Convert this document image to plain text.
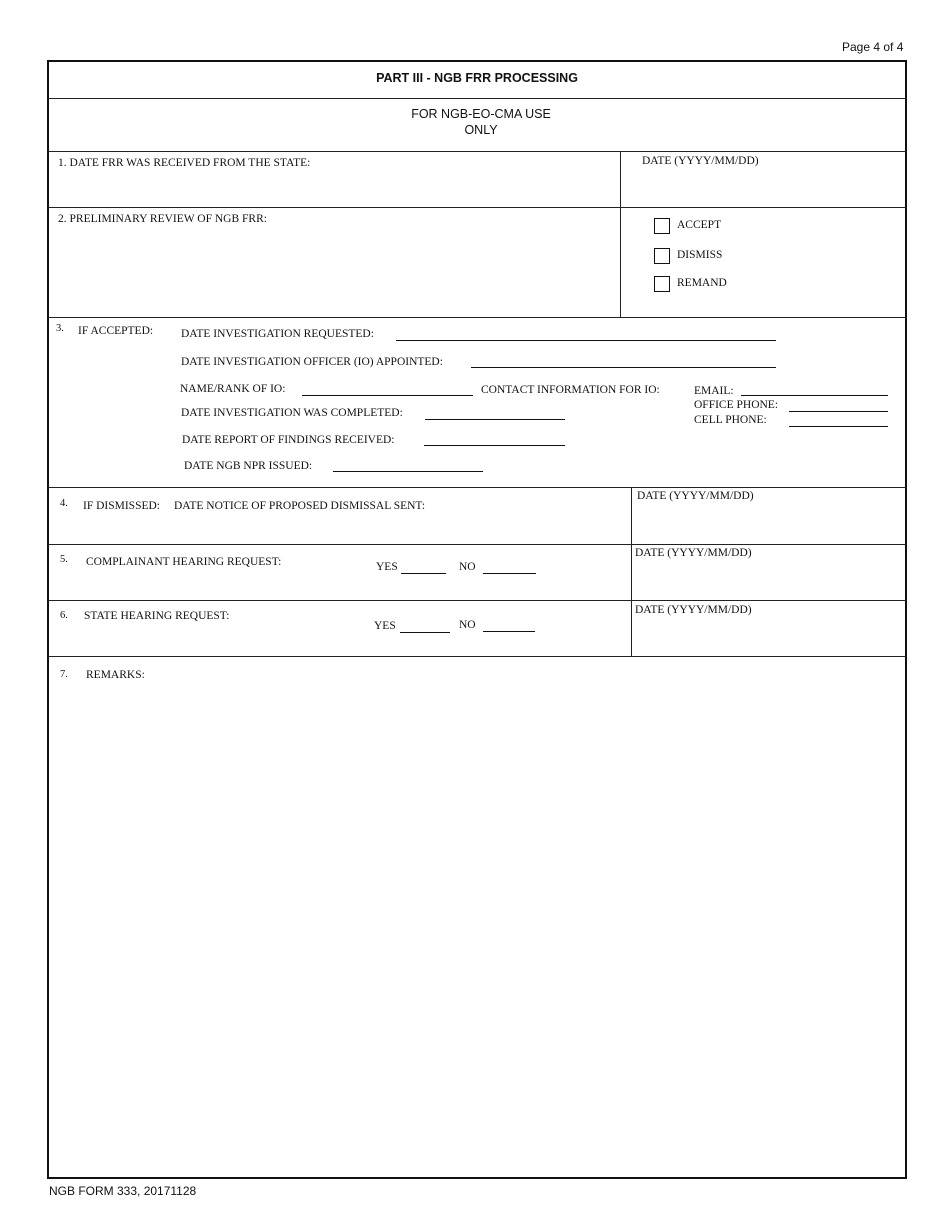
Page 4 of 4
PART III - NGB FRR PROCESSING
FOR NGB-EO-CMA USE
ONLY
1. DATE FRR WAS RECEIVED FROM THE STATE:	DATE (YYYY/MM/DD)
2. PRELIMINARY REVIEW OF NGB FRR:	ACCEPT
DISMISS
REMAND
3. IF ACCEPTED: DATE INVESTIGATION REQUESTED:
DATE INVESTIGATION OFFICER (IO) APPOINTED:
NAME/RANK OF IO:	CONTACT INFORMATION FOR IO:	EMAIL:
OFFICE PHONE:
CELL PHONE:
DATE INVESTIGATION WAS COMPLETED:
DATE REPORT OF FINDINGS RECEIVED:
DATE NGB NPR ISSUED:
4. IF DISMISSED: DATE NOTICE OF PROPOSED DISMISSAL SENT:
DATE (YYYY/MM/DD)
5. COMPLAINANT HEARING REQUEST:	YES	NO
DATE (YYYY/MM/DD)
6. STATE HEARING REQUEST:
YES	NO
DATE (YYYY/MM/DD)
7. REMARKS:
NGB FORM 333, 20171128
